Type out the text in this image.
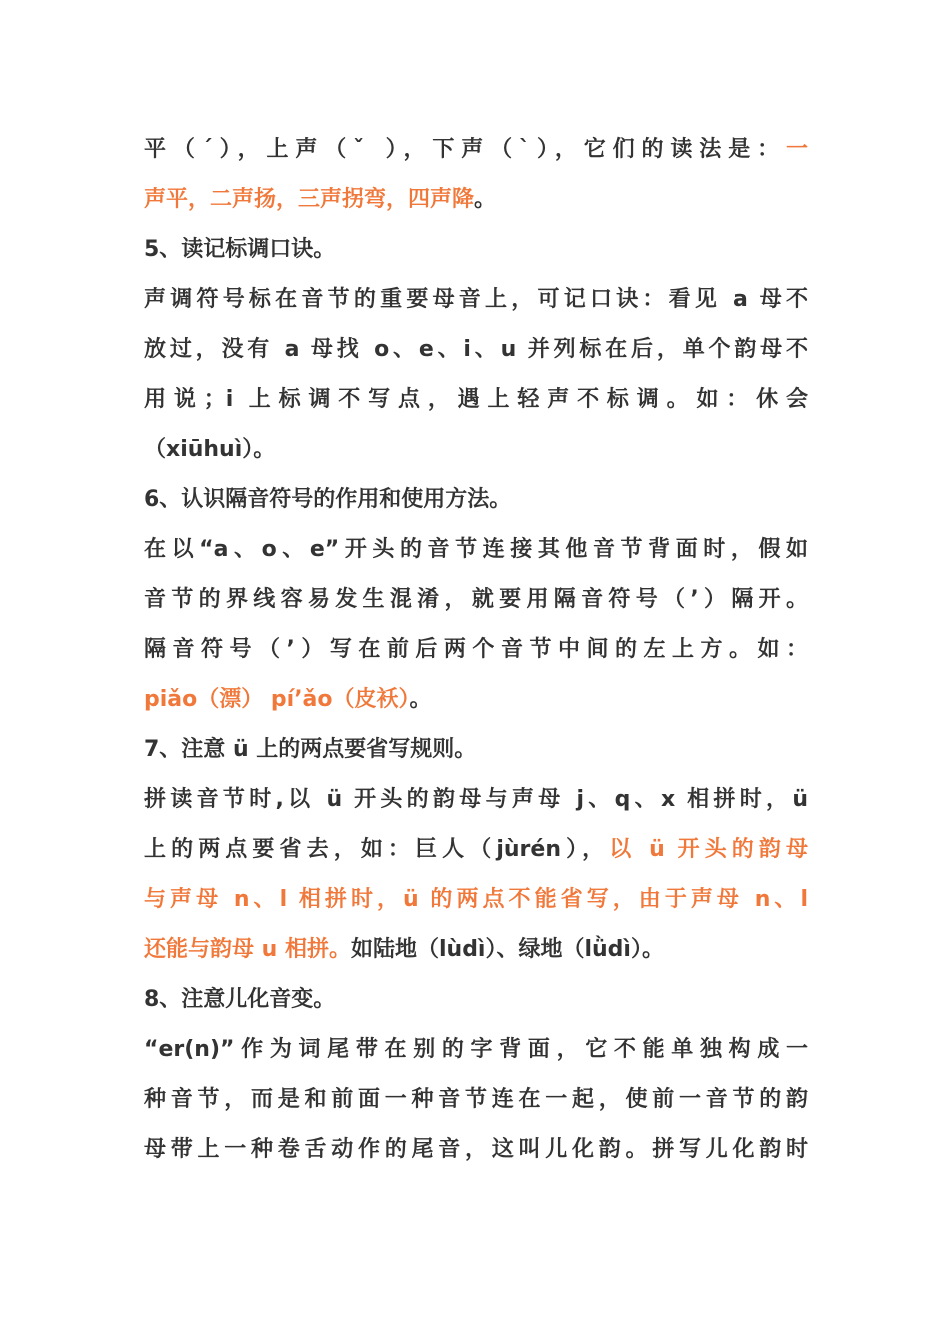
平（ˊ），上声（ˇ ），下声（ˋ），它们的读法是：一
声平，二声扬，三声拐弯，四声降。
5、读记标调口诀。
声调符号标在音节的重要母音上，可记口诀：看见 a 母不
放过，没有 a 母找 o、e、i、u 并列标在后，单个韵母不
用说；i 上标调不写点，遇上轻声不标调。如：休会
（xiūhuì）。
6、认识隔音符号的作用和使用方法。
在以“a、o、e”开头的音节连接其他音节背面时，假如
音节的界线容易发生混淆，就要用隔音符号（’）隔开。
隔音符号（’）写在前后两个音节中间的左上方。如：
piǎo（漂） pí’ǎo（皮袄）。
7、注意 ü 上的两点要省写规则。
拼读音节时,以 ü 开头的韵母与声母 j、q、x 相拼时，ü
上的两点要省去，如：巨人（jùrén），以 ü 开头的韵母
与声母 n、l 相拼时，ü 的两点不能省写，由于声母 n、l
还能与韵母 u 相拼。如陆地（lùdì）、绿地（lǜdì）。
8、注意儿化音变。
“er(n)”作为词尾带在别的字背面，它不能单独构成一
种音节，而是和前面一种音节连在一起，使前一音节的韵
母带上一种卷舌动作的尾音，这叫儿化韵。拼写儿化韵时
